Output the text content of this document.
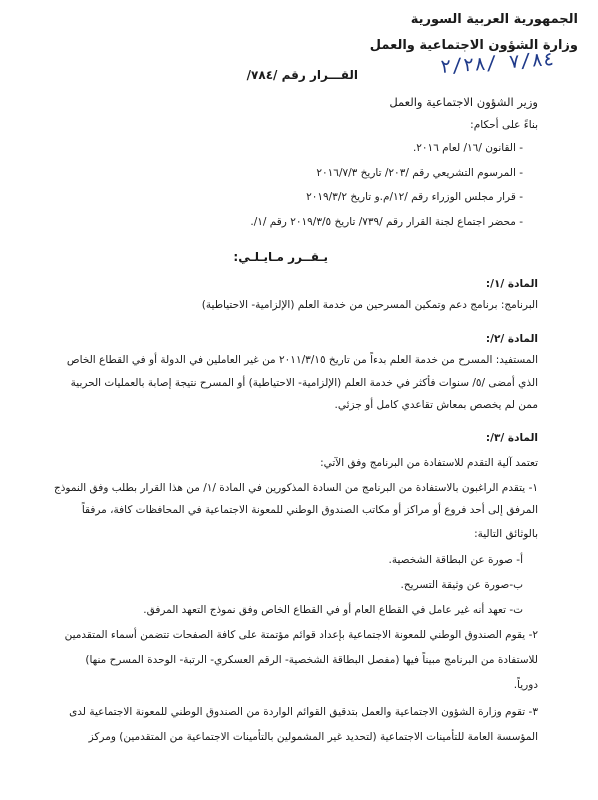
الجمهورية العربية السورية
وزارة الشؤون الاجتماعية والعمل
٧/٨٤ /٢/٢٨
القـــرار رقم /٧٨٤/
وزير الشؤون الاجتماعية والعمل
بناءً على أحكام:
- القانون /١٦/ لعام ٢٠١٦.
- المرسوم التشريعي رقم /٢٠٣/ تاريخ ٢٠١٦/٧/٣
- قرار مجلس الوزراء رقم /١٢/م.و تاريخ ٢٠١٩/٣/٢
- محضر اجتماع لجنة القرار رقم /٧٣٩/ تاريخ ٢٠١٩/٣/٥ رقم /١/.
يـقــرر مـايـلـي:
المادة /١/:
البرنامج: برنامج دعم وتمكين المسرحين من خدمة العلم (الإلزامية- الاحتياطية)
المادة /٢/:
المستفيد: المسرح من خدمة العلم بدءاً من تاريخ ٢٠١١/٣/١٥ من غير العاملين في الدولة أو في القطاع الخاص
الذي أمضى /٥/ سنوات فأكثر في خدمة العلم (الإلزامية- الاحتياطية) أو المسرح نتيجة إصابة بالعمليات الحربية
ممن لم يخصص بمعاش تقاعدي كامل أو جزئي.
المادة /٣/:
تعتمد آلية التقدم للاستفادة من البرنامج وفق الآتي:
١- يتقدم الراغبون بالاستفادة من البرنامج من السادة المذكورين في المادة /١/ من هذا القرار بطلب وفق النموذج
المرفق إلى أحد فروع أو مراكز أو مكاتب الصندوق الوطني للمعونة الاجتماعية في المحافظات كافة، مرفقاً
بالوثائق التالية:
أ- صورة عن البطاقة الشخصية.
ب-صورة عن وثيقة التسريح.
ت- تعهد أنه غير عامل في القطاع العام أو في القطاع الخاص وفق نموذج التعهد المرفق.
٢- يقوم الصندوق الوطني للمعونة الاجتماعية بإعداد قوائم مؤتمتة على كافة الصفحات تتضمن أسماء المتقدمين
للاستفادة من البرنامج مبيناً فيها (مفصل البطاقة الشخصية- الرقم العسكري- الرتبة- الوحدة المسرح منها)
دورياً.
٣- تقوم وزارة الشؤون الاجتماعية والعمل بتدقيق القوائم الواردة من الصندوق الوطني للمعونة الاجتماعية لدى
المؤسسة العامة للتأمينات الاجتماعية (لتحديد غير المشمولين بالتأمينات الاجتماعية من المتقدمين) ومركز
